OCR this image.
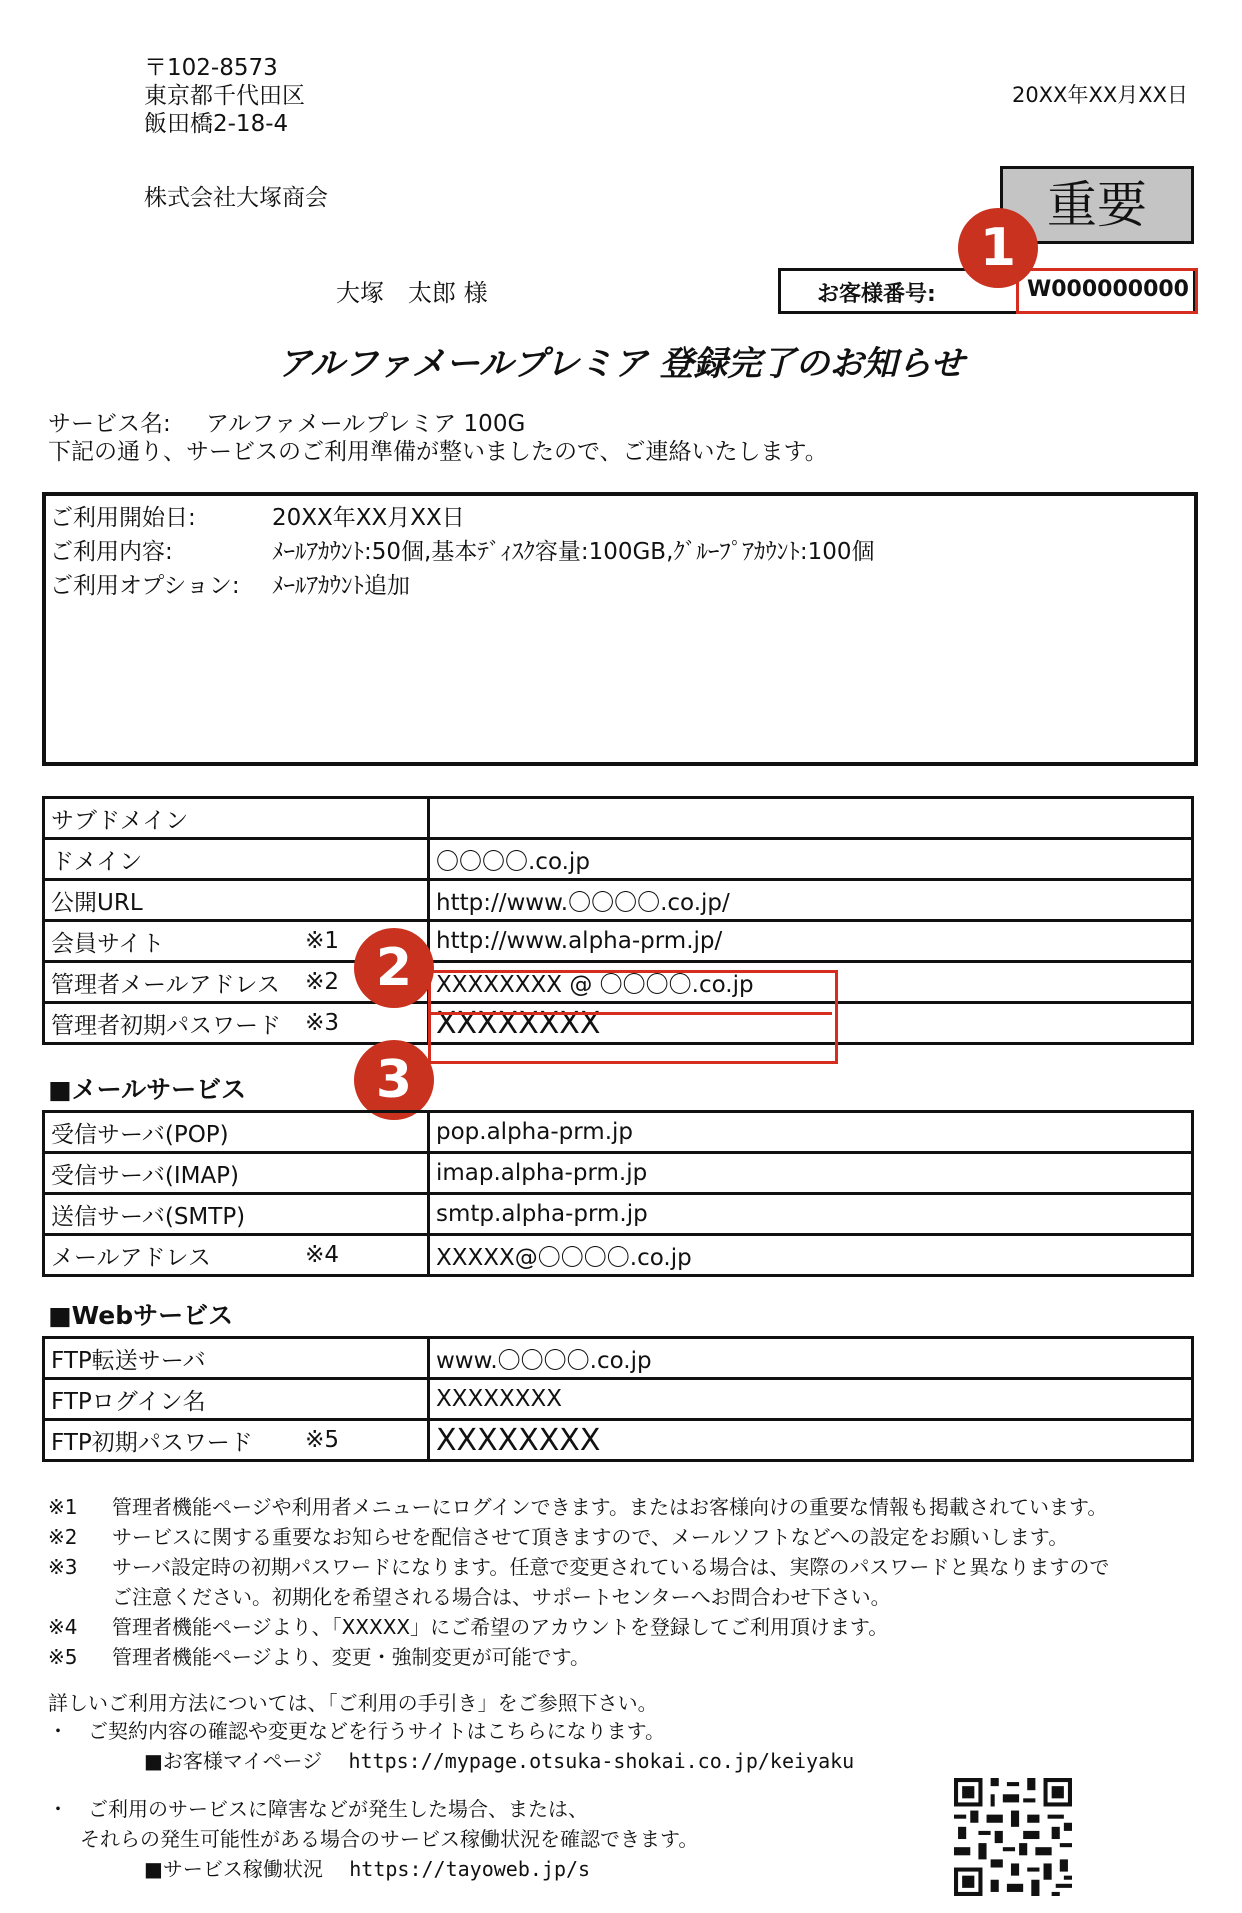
〒102-8573
東京都千代田区
飯田橋2-18-4
株式会社大塚商会
20XX年XX月XX日
重要
大塚　太郎 様	お客様番号:	W000000000
1
アルファメールプレミア 登録完了のお知らせ
サービス名: アルファメールプレミア 100G
下記の通り、サービスのご利用準備が整いましたので、ご連絡いたします。
ご利用開始日:	20XX年XX月XX日
ご利用内容:	ﾒｰﾙｱｶｳﾝﾄ:50個,基本ﾃﾞｨｽｸ容量:100GB,ｸﾞﾙｰﾌﾟｱｶｳﾝﾄ:100個
ご利用オプション: ﾒｰﾙｱｶｳﾝﾄ追加
サブドメイン

ドメイン	〇〇〇〇.co.jp
公開URL	http://www.〇〇〇〇.co.jp/
会員サイト ※1	http://www.alpha-prm.jp/
管理者メールアドレス ※2	XXXXXXXX @ 〇〇〇〇.co.jp
管理者初期パスワード ※3	XXXXXXXX
2
3
■メールサービス
受信サーバ(POP)	pop.alpha-prm.jp
受信サーバ(IMAP)	imap.alpha-prm.jp
送信サーバ(SMTP)	smtp.alpha-prm.jp
メールアドレス ※4	XXXXX@〇〇〇〇.co.jp
■Webサービス
FTP転送サーバ	www.〇〇〇〇.co.jp
FTPログイン名	XXXXXXXX
FTP初期パスワード ※5	XXXXXXXX
※1 管理者機能ページや利用者メニューにログインできます。またはお客様向けの重要な情報も掲載されています。
※2 サービスに関する重要なお知らせを配信させて頂きますので、メールソフトなどへの設定をお願いします。
※3 サーバ設定時の初期パスワードになります。任意で変更されている場合は、実際のパスワードと異なりますので
ご注意ください。初期化を希望される場合は、サポートセンターへお問合わせ下さい。
※4 管理者機能ページより、「XXXXX」にご希望のアカウントを登録してご利用頂けます。
※5 管理者機能ページより、変更・強制変更が可能です。
詳しいご利用方法については、「ご利用の手引き」をご参照下さい。
・　ご契約内容の確認や変更などを行うサイトはこちらになります。
■お客様マイページ https://mypage.otsuka-shokai.co.jp/keiyaku
・　ご利用のサービスに障害などが発生した場合、または、
それらの発生可能性がある場合のサービス稼働状況を確認できます。
■サービス稼働状況 https://tayoweb.jp/s
